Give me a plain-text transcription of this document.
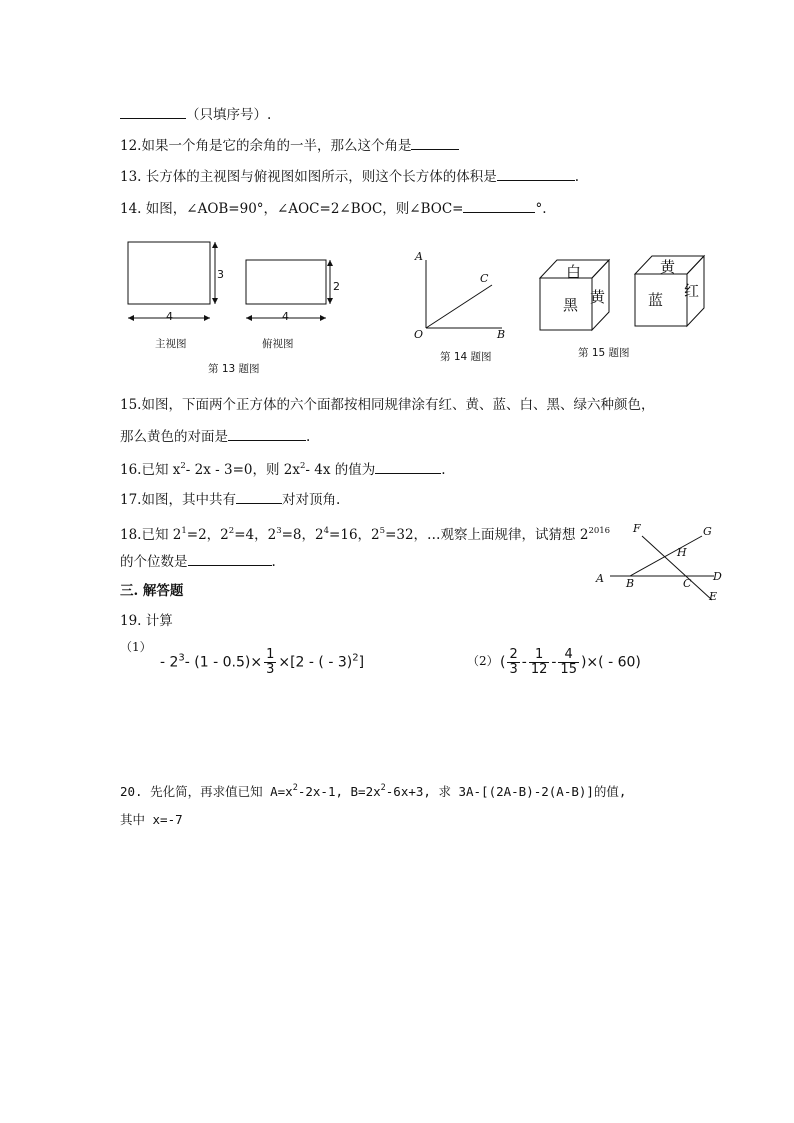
（只填序号）.
12.如果一个角是它的余角的一半，那么这个角是
13. 长方体的主视图与俯视图如图所示，则这个长方体的体积是	.
14. 如图，∠AOB=90°，∠AOC=2∠BOC，则∠BOC=	°.
3
4
2
4
主视图	俯视图
第 13 题图
A
C
O	B
第 14 题图
白
黑 黄
黄
蓝 红
第 15 题图
15.如图，下面两个正方体的六个面都按相同规律涂有红、黄、蓝、白、黑、绿六种颜色，
那么黄色的对面是	.
16.已知 $x^2-$ 2x - 3=0，则 $2x^2-$ 4x 的值为	.
17.如图，其中共有	对对顶角.
18.已知 $2^1=2$，$2^2=4$，$2^3=8$，$2^4=16$，$2^5=32$，…观察上面规律，试猜想 $2^{2016}$
的个位数是	.
F	G
H
A B	C
D
E
三. 解答题
19. 计算
（1）
- $2^3-$ $(1 - 0.5)\times \frac{1}{3} \times[2$ - ( - 3)$^2$]	（2） ( $\frac{2}{3} - \frac{1}{12} - \frac{4}{15}$ )×( - 60)
20. 先化简，再求值已知 $A=x^2-2x-1$, $B=2x^2-6x+3$, 求 3A-[(2A-B)-2(A-B)]的值,
其中 x=-7
